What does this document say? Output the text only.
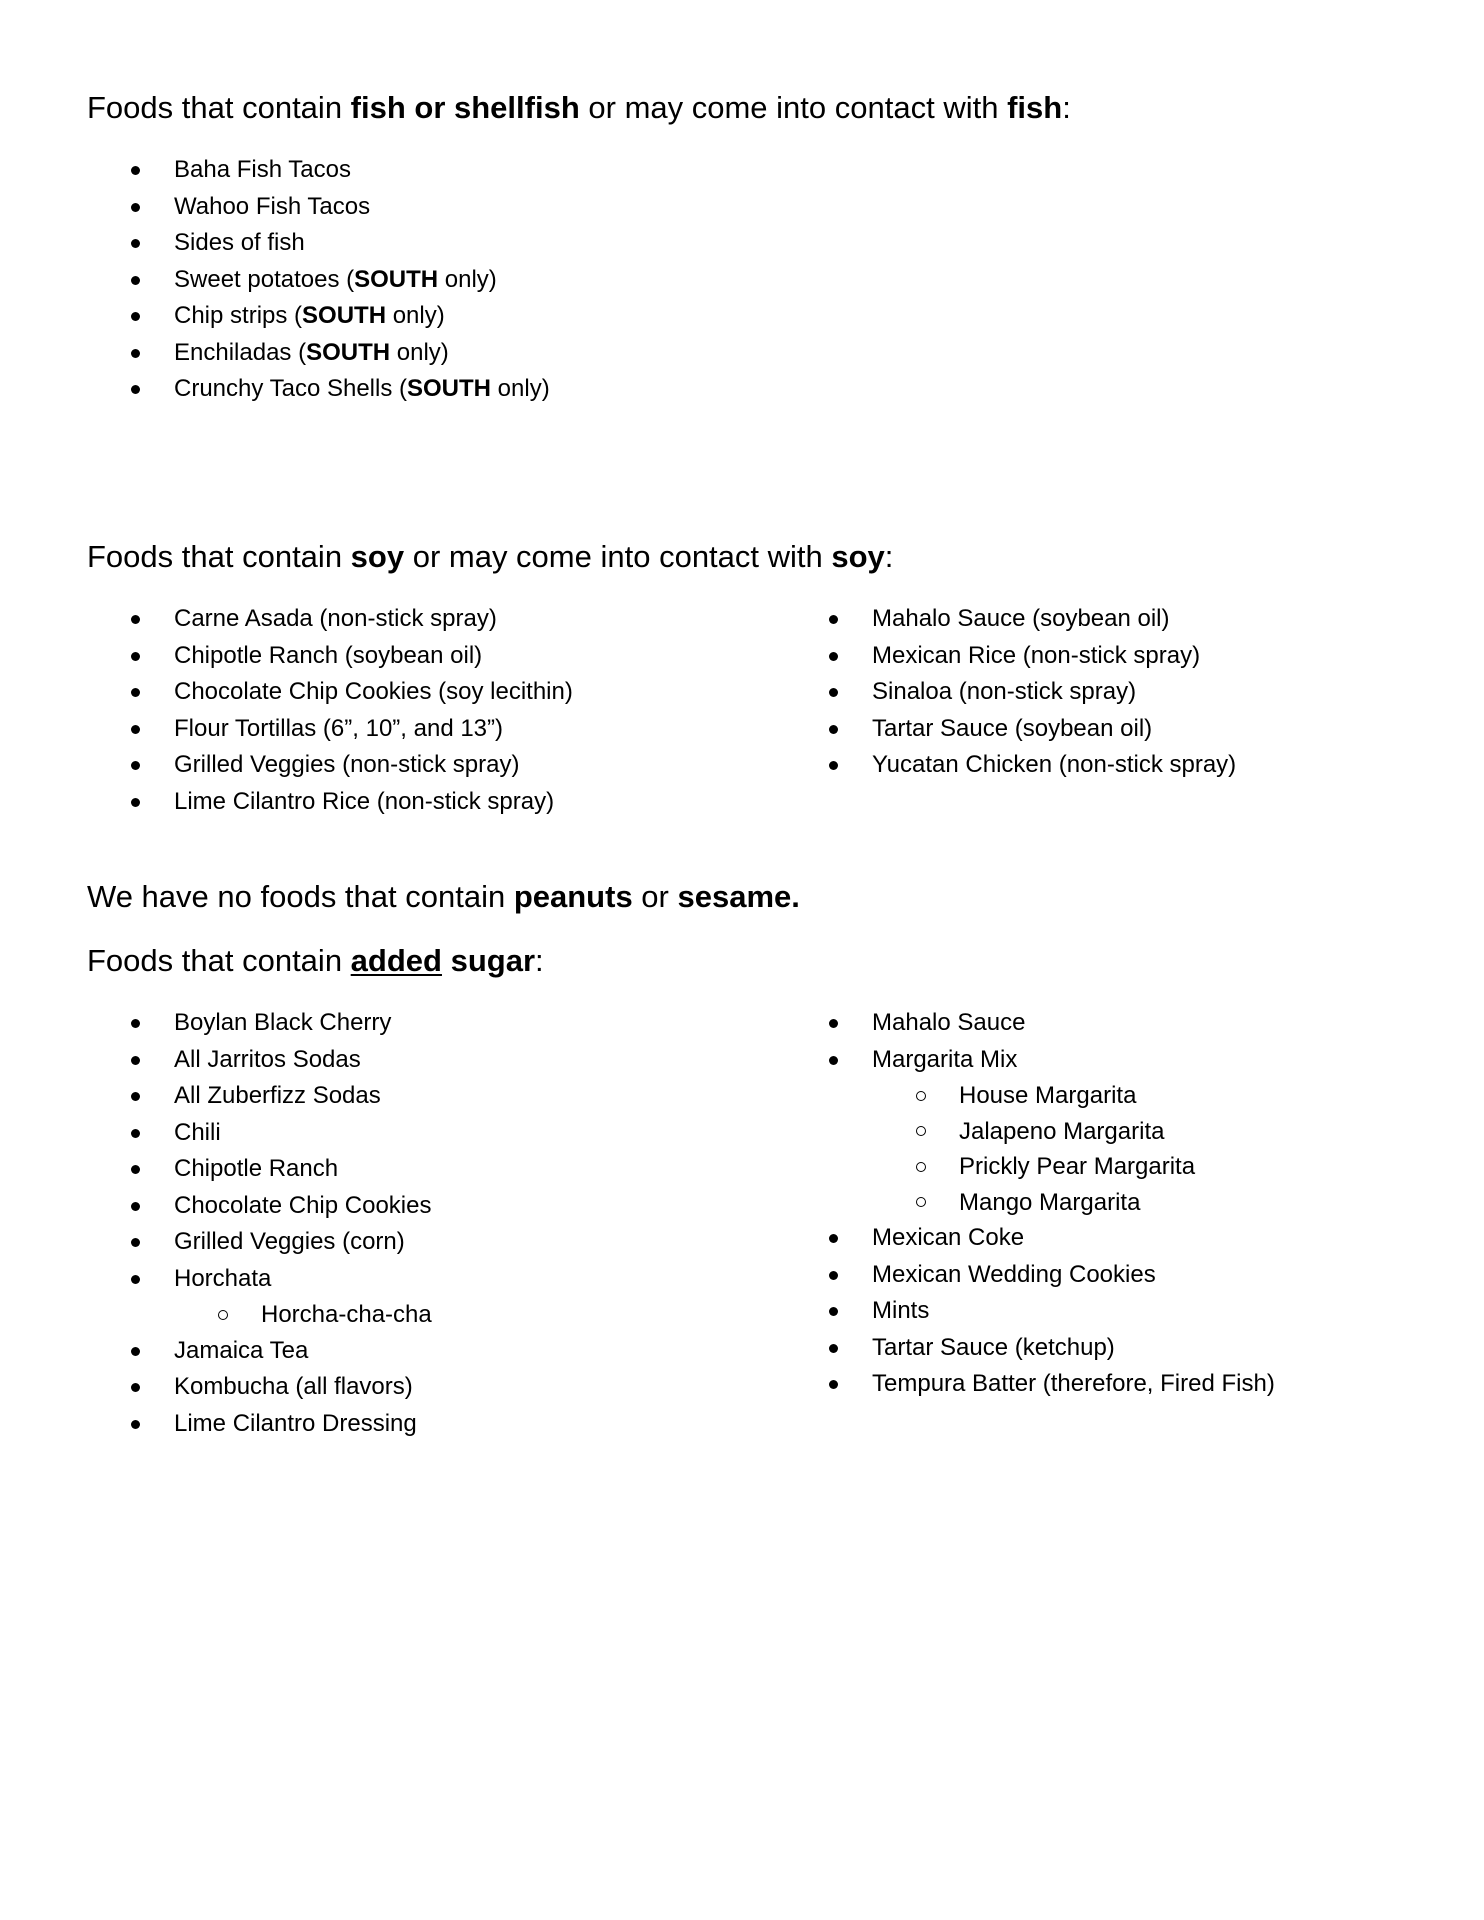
Foods that contain fish or shellfish or may come into contact with fish:
Baha Fish Tacos
Wahoo Fish Tacos
Sides of fish
Sweet potatoes (SOUTH only)
Chip strips (SOUTH only)
Enchiladas (SOUTH only)
Crunchy Taco Shells (SOUTH only)
Foods that contain soy or may come into contact with soy:
Carne Asada (non-stick spray)
Chipotle Ranch (soybean oil)
Chocolate Chip Cookies (soy lecithin)
Flour Tortillas (6”, 10”, and 13”)
Grilled Veggies (non-stick spray)
Lime Cilantro Rice (non-stick spray)
Mahalo Sauce (soybean oil)
Mexican Rice (non-stick spray)
Sinaloa (non-stick spray)
Tartar Sauce (soybean oil)
Yucatan Chicken (non-stick spray)
We have no foods that contain peanuts or sesame.
Foods that contain added sugar:
Boylan Black Cherry
All Jarritos Sodas
All Zuberfizz Sodas
Chili
Chipotle Ranch
Chocolate Chip Cookies
Grilled Veggies (corn)
Horchata
Horcha-cha-cha
Jamaica Tea
Kombucha (all flavors)
Lime Cilantro Dressing
Mahalo Sauce
Margarita Mix
House Margarita
Jalapeno Margarita
Prickly Pear Margarita
Mango Margarita
Mexican Coke
Mexican Wedding Cookies
Mints
Tartar Sauce (ketchup)
Tempura Batter (therefore, Fired Fish)
